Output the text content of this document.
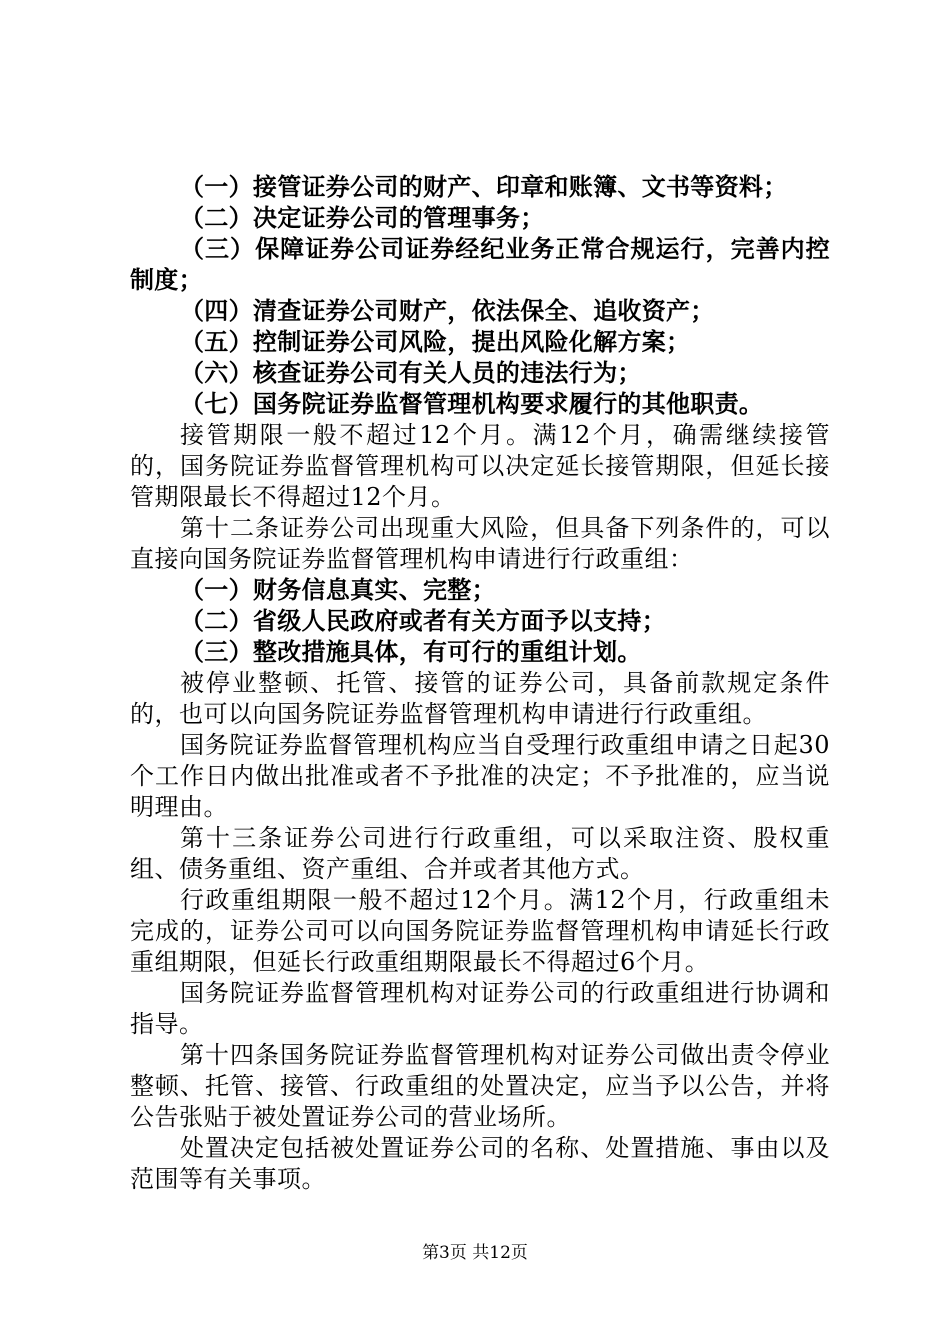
（一）接管证券公司的财产、印章和账簿、文书等资料；

（二）决定证券公司的管理事务；

（三）保障证券公司证券经纪业务正常合规运行，完善内控制度；

（四）清查证券公司财产，依法保全、追收资产；

（五）控制证券公司风险，提出风险化解方案；

（六）核查证券公司有关人员的违法行为；

（七）国务院证券监督管理机构要求履行的其他职责。

接管期限一般不超过12个月。满12个月，确需继续接管的，国务院证券监督管理机构可以决定延长接管期限，但延长接管期限最长不得超过12个月。

第十二条证券公司出现重大风险，但具备下列条件的，可以直接向国务院证券监督管理机构申请进行行政重组：

（一）财务信息真实、完整；

（二）省级人民政府或者有关方面予以支持；

（三）整改措施具体，有可行的重组计划。

被停业整顿、托管、接管的证券公司，具备前款规定条件的，也可以向国务院证券监督管理机构申请进行行政重组。

国务院证券监督管理机构应当自受理行政重组申请之日起30个工作日内做出批准或者不予批准的决定；不予批准的，应当说明理由。

第十三条证券公司进行行政重组，可以采取注资、股权重组、债务重组、资产重组、合并或者其他方式。

行政重组期限一般不超过12个月。满12个月，行政重组未完成的，证券公司可以向国务院证券监督管理机构申请延长行政重组期限，但延长行政重组期限最长不得超过6个月。

国务院证券监督管理机构对证券公司的行政重组进行协调和指导。

第十四条国务院证券监督管理机构对证券公司做出责令停业整顿、托管、接管、行政重组的处置决定，应当予以公告，并将公告张贴于被处置证券公司的营业场所。

处置决定包括被处置证券公司的名称、处置措施、事由以及范围等有关事项。

第3页 共12页
